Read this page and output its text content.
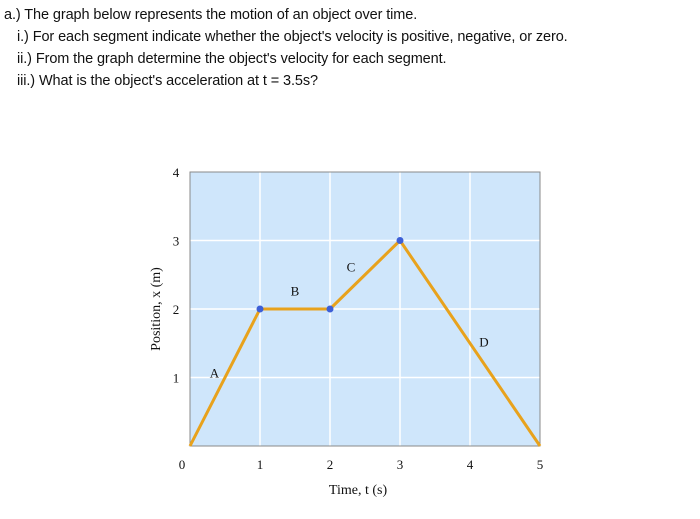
a.) The graph below represents the motion of an object over time.
i.) For each segment indicate whether the object's velocity is positive, negative, or zero.
ii.) From the graph determine the object's velocity for each segment.
iii.) What is the object's acceleration at t = 3.5s?
A
B
C
D
0	1	2	3	4	5
1
2
3
4
Time, t (s)
Position, x (m)
